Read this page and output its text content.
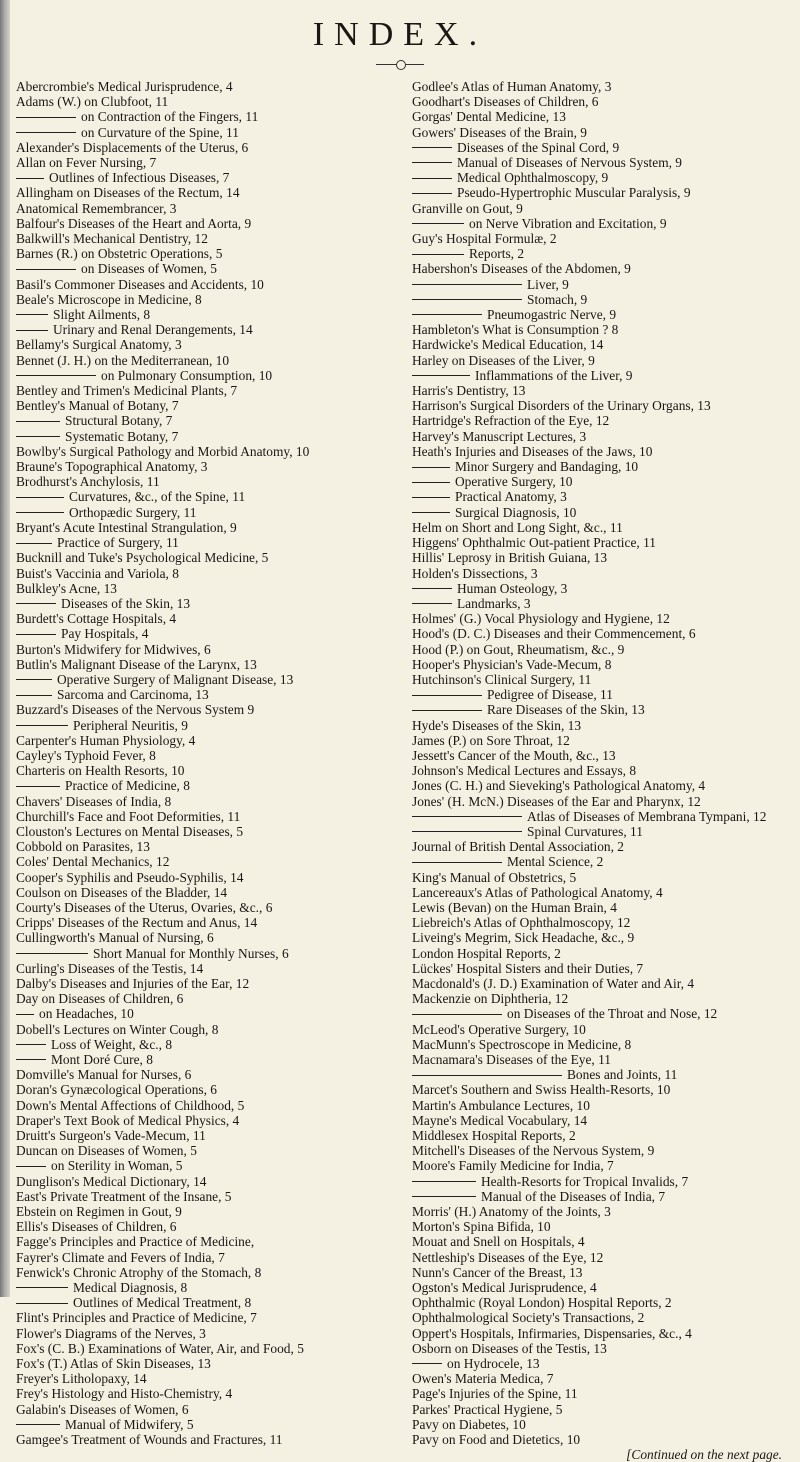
INDEX.
Abercrombie's Medical Jurisprudence, 4
Adams (W.) on Clubfoot, 11
on Contraction of the Fingers, 11
on Curvature of the Spine, 11
Alexander's Displacements of the Uterus, 6
Allan on Fever Nursing, 7
Outlines of Infectious Diseases, 7
Allingham on Diseases of the Rectum, 14
Anatomical Remembrancer, 3
Balfour's Diseases of the Heart and Aorta, 9
Balkwill's Mechanical Dentistry, 12
Barnes (R.) on Obstetric Operations, 5
on Diseases of Women, 5
Basil's Commoner Diseases and Accidents, 10
Beale's Microscope in Medicine, 8
Slight Ailments, 8
Urinary and Renal Derangements, 14
Bellamy's Surgical Anatomy, 3
Bennet (J. H.) on the Mediterranean, 10
on Pulmonary Consumption, 10
Bentley and Trimen's Medicinal Plants, 7
Bentley's Manual of Botany, 7
Structural Botany, 7
Systematic Botany, 7
Bowlby's Surgical Pathology and Morbid Anatomy, 10
Braune's Topographical Anatomy, 3
Brodhurst's Anchylosis, 11
Curvatures, &c., of the Spine, 11
Orthopædic Surgery, 11
Bryant's Acute Intestinal Strangulation, 9
Practice of Surgery, 11
Bucknill and Tuke's Psychological Medicine, 5
Buist's Vaccinia and Variola, 8
Bulkley's Acne, 13
Diseases of the Skin, 13
Burdett's Cottage Hospitals, 4
Pay Hospitals, 4
Burton's Midwifery for Midwives, 6
Butlin's Malignant Disease of the Larynx, 13
Operative Surgery of Malignant Disease, 13
Sarcoma and Carcinoma, 13
Buzzard's Diseases of the Nervous System 9
Peripheral Neuritis, 9
Carpenter's Human Physiology, 4
Cayley's Typhoid Fever, 8
Charteris on Health Resorts, 10
Practice of Medicine, 8
Chavers' Diseases of India, 8
Churchill's Face and Foot Deformities, 11
Clouston's Lectures on Mental Diseases, 5
Cobbold on Parasites, 13
Coles' Dental Mechanics, 12
Cooper's Syphilis and Pseudo-Syphilis, 14
Coulson on Diseases of the Bladder, 14
Courty's Diseases of the Uterus, Ovaries, &c., 6
Cripps' Diseases of the Rectum and Anus, 14
Cullingworth's Manual of Nursing, 6
Short Manual for Monthly Nurses, 6
Curling's Diseases of the Testis, 14
Dalby's Diseases and Injuries of the Ear, 12
Day on Diseases of Children, 6
on Headaches, 10
Dobell's Lectures on Winter Cough, 8
Loss of Weight, &c., 8
Mont Doré Cure, 8
Domville's Manual for Nurses, 6
Doran's Gynæcological Operations, 6
Down's Mental Affections of Childhood, 5
Draper's Text Book of Medical Physics, 4
Druitt's Surgeon's Vade-Mecum, 11
Duncan on Diseases of Women, 5
on Sterility in Woman, 5
Dunglison's Medical Dictionary, 14
East's Private Treatment of the Insane, 5
Ebstein on Regimen in Gout, 9
Ellis's Diseases of Children, 6
Fagge's Principles and Practice of Medicine,
Fayrer's Climate and Fevers of India, 7
Fenwick's Chronic Atrophy of the Stomach, 8
Medical Diagnosis, 8
Outlines of Medical Treatment, 8
Flint's Principles and Practice of Medicine, 7
Flower's Diagrams of the Nerves, 3
Fox's (C. B.) Examinations of Water, Air, and Food, 5
Fox's (T.) Atlas of Skin Diseases, 13
Freyer's Litholopaxy, 14
Frey's Histology and Histo-Chemistry, 4
Galabin's Diseases of Women, 6
Manual of Midwifery, 5
Gamgee's Treatment of Wounds and Fractures, 11
Godlee's Atlas of Human Anatomy, 3
Goodhart's Diseases of Children, 6
Gorgas' Dental Medicine, 13
Gowers' Diseases of the Brain, 9
Diseases of the Spinal Cord, 9
Manual of Diseases of Nervous System, 9
Medical Ophthalmoscopy, 9
Pseudo-Hypertrophic Muscular Paralysis, 9
Granville on Gout, 9
on Nerve Vibration and Excitation, 9
Guy's Hospital Formulæ, 2
Reports, 2
Habershon's Diseases of the Abdomen, 9
Liver, 9
Stomach, 9
Pneumogastric Nerve, 9
Hambleton's What is Consumption ? 8
Hardwicke's Medical Education, 14
Harley on Diseases of the Liver, 9
Inflammations of the Liver, 9
Harris's Dentistry, 13
Harrison's Surgical Disorders of the Urinary Organs, 13
Hartridge's Refraction of the Eye, 12
Harvey's Manuscript Lectures, 3
Heath's Injuries and Diseases of the Jaws, 10
Minor Surgery and Bandaging, 10
Operative Surgery, 10
Practical Anatomy, 3
Surgical Diagnosis, 10
Helm on Short and Long Sight, &c., 11
Higgens' Ophthalmic Out-patient Practice, 11
Hillis' Leprosy in British Guiana, 13
Holden's Dissections, 3
Human Osteology, 3
Landmarks, 3
Holmes' (G.) Vocal Physiology and Hygiene, 12
Hood's (D. C.) Diseases and their Commencement, 6
Hood (P.) on Gout, Rheumatism, &c., 9
Hooper's Physician's Vade-Mecum, 8
Hutchinson's Clinical Surgery, 11
Pedigree of Disease, 11
Rare Diseases of the Skin, 13
Hyde's Diseases of the Skin, 13
James (P.) on Sore Throat, 12
Jessett's Cancer of the Mouth, &c., 13
Johnson's Medical Lectures and Essays, 8
Jones (C. H.) and Sieveking's Pathological Anatomy, 4
Jones' (H. McN.) Diseases of the Ear and Pharynx, 12
Atlas of Diseases of Membrana Tympani, 12
Spinal Curvatures, 11
Journal of British Dental Association, 2
Mental Science, 2
King's Manual of Obstetrics, 5
Lancereaux's Atlas of Pathological Anatomy, 4
Lewis (Bevan) on the Human Brain, 4
Liebreich's Atlas of Ophthalmoscopy, 12
Liveing's Megrim, Sick Headache, &c., 9
London Hospital Reports, 2
Lückes' Hospital Sisters and their Duties, 7
Macdonald's (J. D.) Examination of Water and Air, 4
Mackenzie on Diphtheria, 12
on Diseases of the Throat and Nose, 12
McLeod's Operative Surgery, 10
MacMunn's Spectroscope in Medicine, 8
Macnamara's Diseases of the Eye, 11
Bones and Joints, 11
Marcet's Southern and Swiss Health-Resorts, 10
Martin's Ambulance Lectures, 10
Mayne's Medical Vocabulary, 14
Middlesex Hospital Reports, 2
Mitchell's Diseases of the Nervous System, 9
Moore's Family Medicine for India, 7
Health-Resorts for Tropical Invalids, 7
Manual of the Diseases of India, 7
Morris' (H.) Anatomy of the Joints, 3
Morton's Spina Bifida, 10
Mouat and Snell on Hospitals, 4
Nettleship's Diseases of the Eye, 12
Nunn's Cancer of the Breast, 13
Ogston's Medical Jurisprudence, 4
Ophthalmic (Royal London) Hospital Reports, 2
Ophthalmological Society's Transactions, 2
Oppert's Hospitals, Infirmaries, Dispensaries, &c., 4
Osborn on Diseases of the Testis, 13
on Hydrocele, 13
Owen's Materia Medica, 7
Page's Injuries of the Spine, 11
Parkes' Practical Hygiene, 5
Pavy on Diabetes, 10
Pavy on Food and Dietetics, 10
[Continued on the next page.
